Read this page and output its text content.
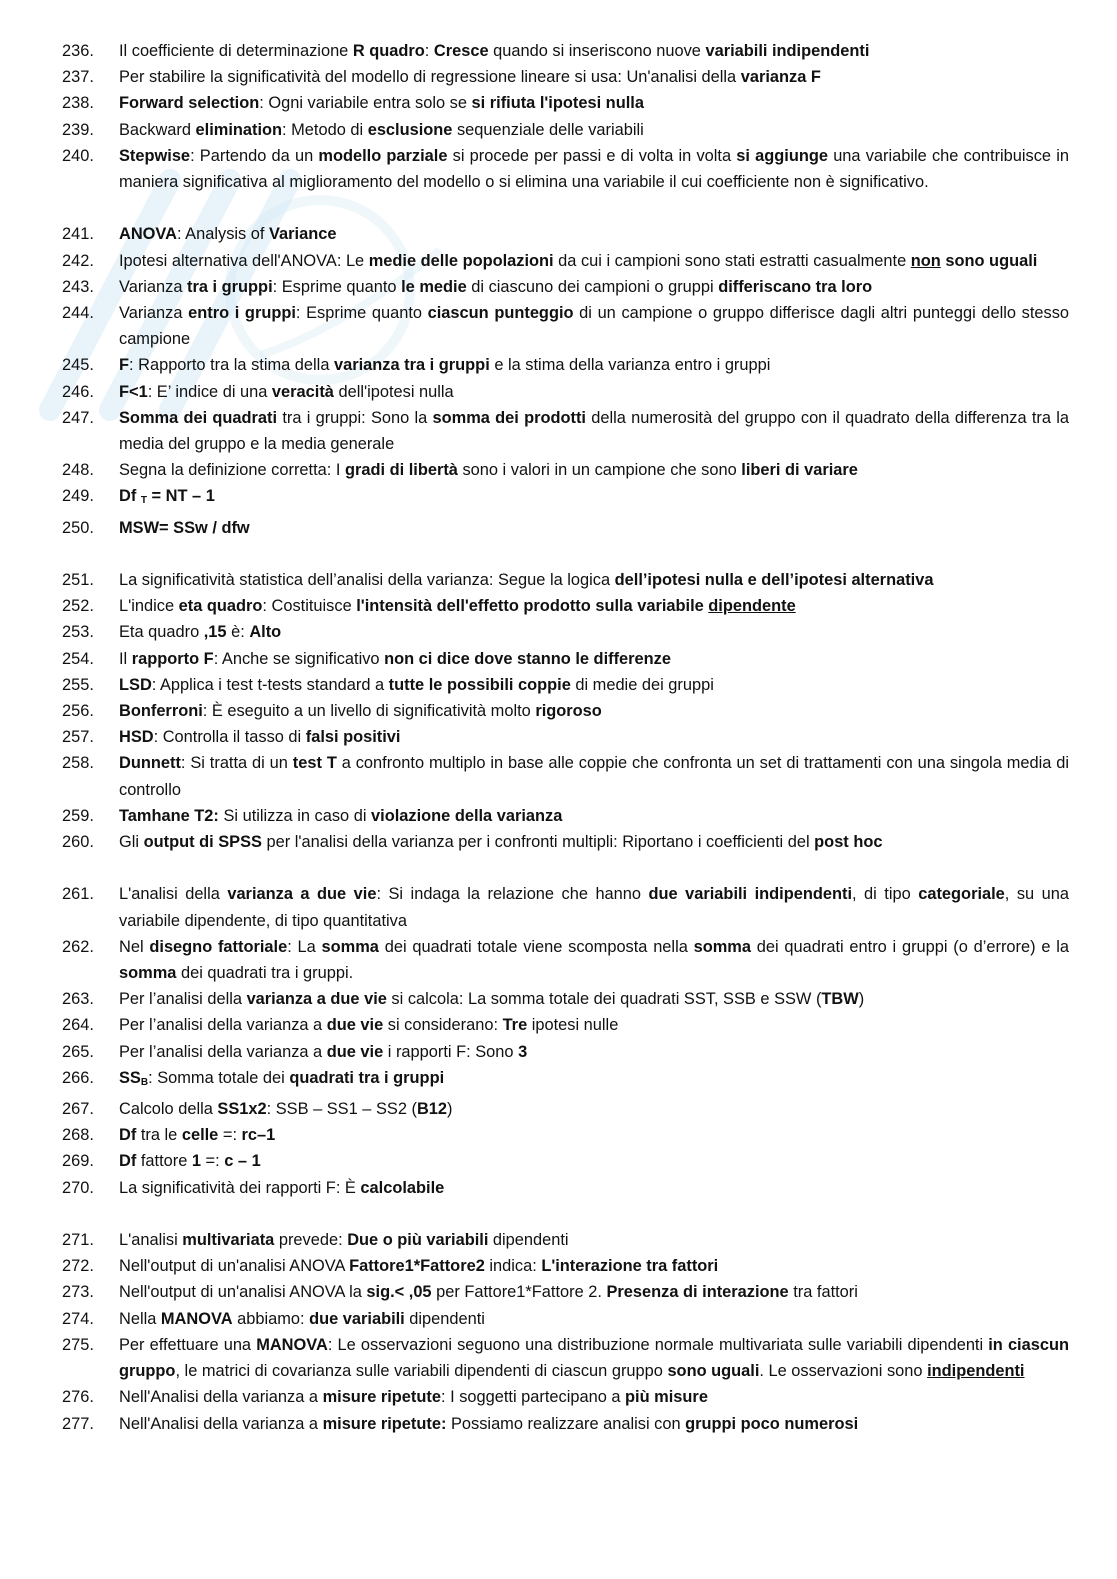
236.	Il coefficiente di determinazione R quadro: Cresce quando si inseriscono nuove variabili indipendenti
237.	Per stabilire la significatività del modello di regressione lineare si usa: Un'analisi della varianza F
238.	Forward selection: Ogni variabile entra solo se si rifiuta l'ipotesi nulla
239.	Backward elimination: Metodo di esclusione sequenziale delle variabili
240.	Stepwise: Partendo da un modello parziale si procede per passi e di volta in volta si aggiunge una variabile che contribuisce in maniera significativa al miglioramento del modello o si elimina una variabile il cui coefficiente non è significativo.
241.	ANOVA: Analysis of Variance
242.	Ipotesi alternativa dell'ANOVA: Le medie delle popolazioni da cui i campioni sono stati estratti casualmente non sono uguali
243.	Varianza tra i gruppi: Esprime quanto le medie di ciascuno dei campioni o gruppi differiscano tra loro
244.	Varianza entro i gruppi: Esprime quanto ciascun punteggio di un campione o gruppo differisce dagli altri punteggi dello stesso campione
245.	F: Rapporto tra la stima della varianza tra i gruppi e la stima della varianza entro i gruppi
246.	F<1: E’ indice di una veracità dell'ipotesi nulla
247.	Somma dei quadrati tra i gruppi: Sono la somma dei prodotti della numerosità del gruppo con il quadrato della differenza tra la media del gruppo e la media generale
248.	Segna la definizione corretta: I gradi di libertà sono i valori in un campione che sono liberi di variare
249.	Df $_T$ = NT – 1
250.	MSW= SSw / dfw
251.	La significatività statistica dell’analisi della varianza: Segue la logica dell’ipotesi nulla e dell’ipotesi alternativa
252.	L'indice eta quadro: Costituisce l'intensità dell'effetto prodotto sulla variabile dipendente
253.	Eta quadro ,15 è: Alto
254.	Il rapporto F: Anche se significativo non ci dice dove stanno le differenze
255.	LSD: Applica i test t-tests standard a tutte le possibili coppie di medie dei gruppi
256.	Bonferroni: È eseguito a un livello di significatività molto rigoroso
257.	HSD: Controlla il tasso di falsi positivi
258.	Dunnett: Si tratta di un test T a confronto multiplo in base alle coppie che confronta un set di trattamenti con una singola media di controllo
259.	Tamhane T2: Si utilizza in caso di violazione della varianza
260.	Gli output di SPSS per l'analisi della varianza per i confronti multipli: Riportano i coefficienti del post hoc
261.	L'analisi della varianza a due vie: Si indaga la relazione che hanno due variabili indipendenti, di tipo categoriale, su una variabile dipendente, di tipo quantitativa
262.	Nel disegno fattoriale: La somma dei quadrati totale viene scomposta nella somma dei quadrati entro i gruppi (o d’errore) e la somma dei quadrati tra i gruppi.
263.	Per l’analisi della varianza a due vie si calcola: La somma totale dei quadrati SST, SSB e SSW (TBW)
264.	Per l’analisi della varianza a due vie si considerano: Tre ipotesi nulle
265.	Per l’analisi della varianza a due vie i rapporti F: Sono 3
266.	$SS_B$: Somma totale dei quadrati tra i gruppi
267.	Calcolo della SS1x2: SSB – SS1 – SS2 (B12)
268.	Df tra le celle =: rc–1
269.	Df fattore 1 =: c – 1
270.	La significatività dei rapporti F: È calcolabile
271.	L'analisi multivariata prevede: Due o più variabili dipendenti
272.	Nell'output di un'analisi ANOVA Fattore1*Fattore2 indica: L'interazione tra fattori
273.	Nell'output di un'analisi ANOVA la sig.< ,05 per Fattore1*Fattore 2. Presenza di interazione tra fattori
274.	Nella MANOVA abbiamo: due variabili dipendenti
275.	Per effettuare una MANOVA: Le osservazioni seguono una distribuzione normale multivariata sulle variabili dipendenti in ciascun gruppo, le matrici di covarianza sulle variabili dipendenti di ciascun gruppo sono uguali. Le osservazioni sono indipendenti
276.	Nell'Analisi della varianza a misure ripetute: I soggetti partecipano a più misure
277.	Nell'Analisi della varianza a misure ripetute: Possiamo realizzare analisi con gruppi poco numerosi
